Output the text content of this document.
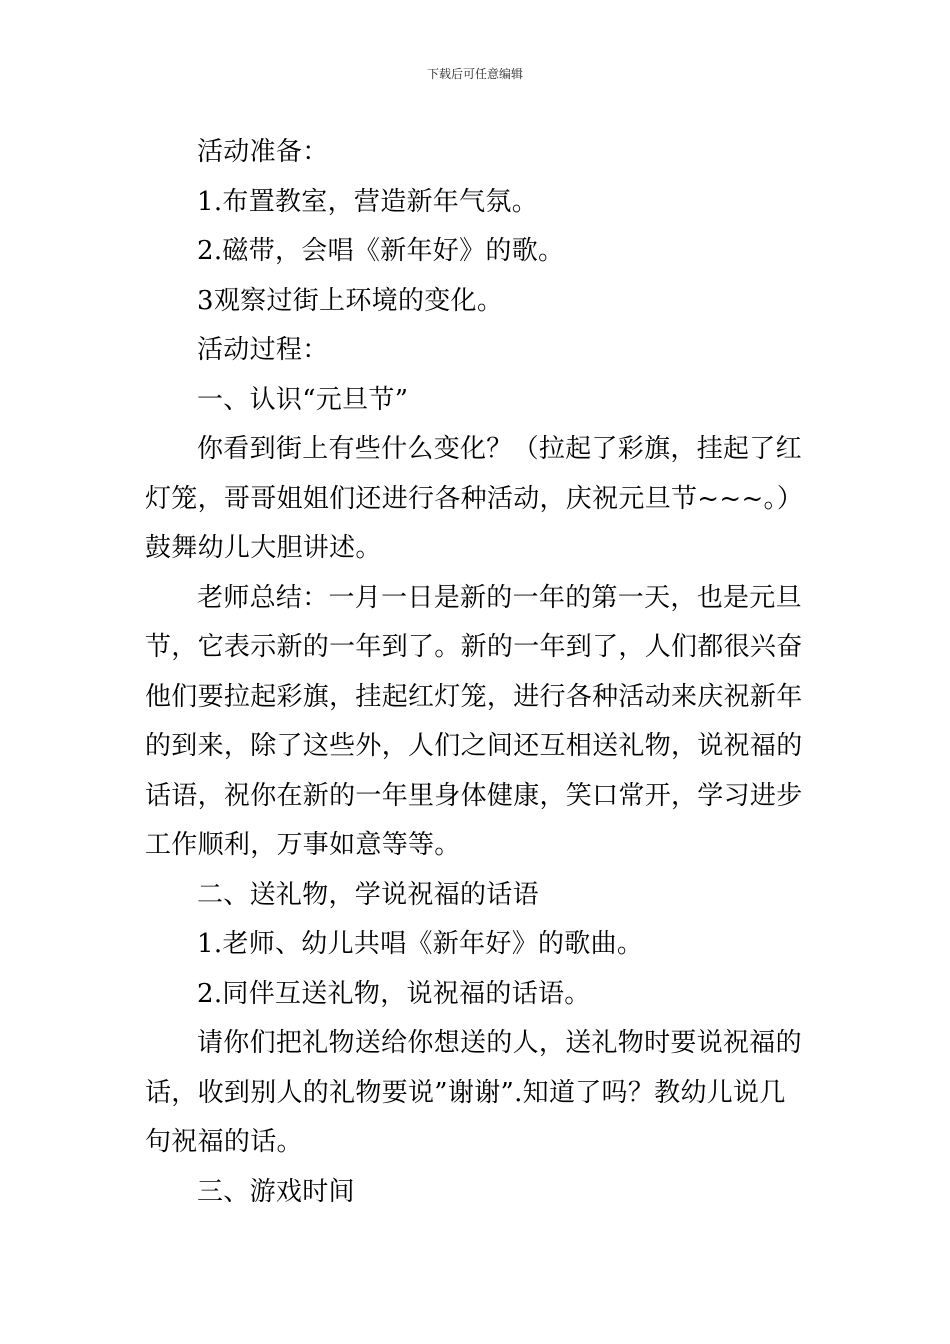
下载后可任意编辑

活动准备：

1.布置教室，营造新年气氛。

2.磁带，会唱《新年好》的歌。

3观察过街上环境的变化。

活动过程：

一、认识“元旦节”

你看到街上有些什么变化？（拉起了彩旗，挂起了红灯笼，哥哥姐姐们还进行各种活动，庆祝元旦节~~~。）鼓舞幼儿大胆讲述。

老师总结：一月一日是新的一年的第一天，也是元旦节，它表示新的一年到了。新的一年到了，人们都很兴奋他们要拉起彩旗，挂起红灯笼，进行各种活动来庆祝新年的到来，除了这些外，人们之间还互相送礼物，说祝福的话语，祝你在新的一年里身体健康，笑口常开，学习进步工作顺利，万事如意等等。

二、送礼物，学说祝福的话语

1.老师、幼儿共唱《新年好》的歌曲。

2.同伴互送礼物，说祝福的话语。

请你们把礼物送给你想送的人，送礼物时要说祝福的话，收到别人的礼物要说”谢谢”.知道了吗？教幼儿说几句祝福的话。

三、游戏时间
